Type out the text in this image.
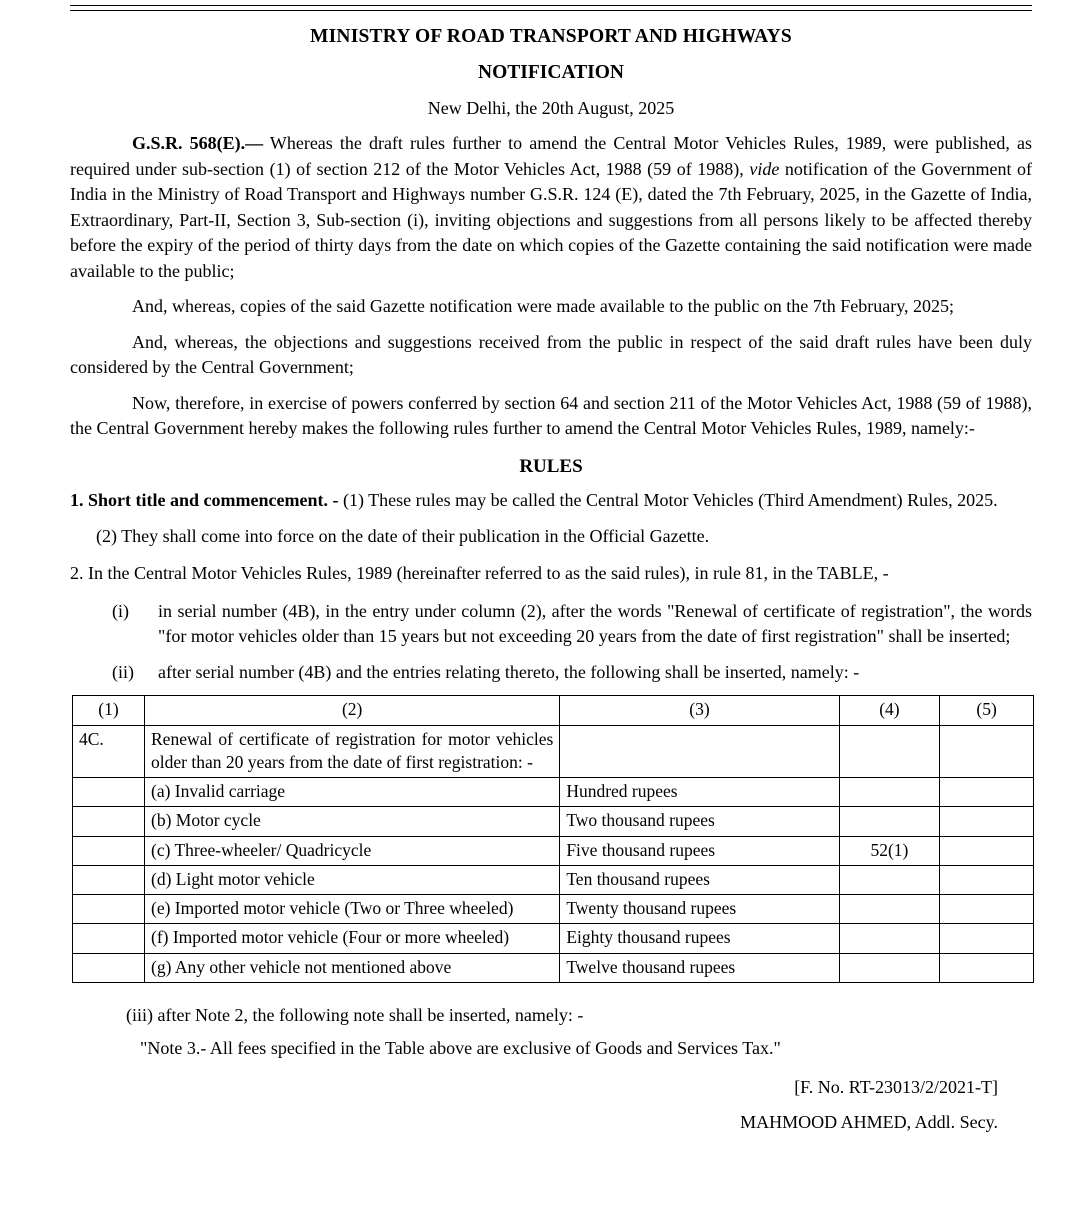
MINISTRY OF ROAD TRANSPORT AND HIGHWAYS
NOTIFICATION
New Delhi, the 20th August, 2025

G.S.R. 568(E).— Whereas the draft rules further to amend the Central Motor Vehicles Rules, 1989, were published, as required under sub-section (1) of section 212 of the Motor Vehicles Act, 1988 (59 of 1988), vide notification of the Government of India in the Ministry of Road Transport and Highways number G.S.R. 124 (E), dated the 7th February, 2025, in the Gazette of India, Extraordinary, Part-II, Section 3, Sub-section (i), inviting objections and suggestions from all persons likely to be affected thereby before the expiry of the period of thirty days from the date on which copies of the Gazette containing the said notification were made available to the public;

And, whereas, copies of the said Gazette notification were made available to the public on the 7th February, 2025;

And, whereas, the objections and suggestions received from the public in respect of the said draft rules have been duly considered by the Central Government;

Now, therefore, in exercise of powers conferred by section 64 and section 211 of the Motor Vehicles Act, 1988 (59 of 1988), the Central Government hereby makes the following rules further to amend the Central Motor Vehicles Rules, 1989, namely:-

RULES

1. Short title and commencement. - (1) These rules may be called the Central Motor Vehicles (Third Amendment) Rules, 2025.

(2) They shall come into force on the date of their publication in the Official Gazette.

2. In the Central Motor Vehicles Rules, 1989 (hereinafter referred to as the said rules), in rule 81, in the TABLE, -

(i)	in serial number (4B), in the entry under column (2), after the words "Renewal of certificate of registration", the words "for motor vehicles older than 15 years but not exceeding 20 years from the date of first registration" shall be inserted;
(ii)	after serial number (4B) and the entries relating thereto, the following shall be inserted, namely: -
(1)	(2)	(3)	(4)	(5)
4C.	Renewal of certificate of registration for motor vehicles older than 20 years from the date of first registration: -			
	(a) Invalid carriage	Hundred rupees		
	(b) Motor cycle	Two thousand rupees		
	(c) Three-wheeler/ Quadricycle	Five thousand rupees	52(1)	
	(d) Light motor vehicle	Ten thousand rupees		
	(e) Imported motor vehicle (Two or Three wheeled)	Twenty thousand rupees		
	(f) Imported motor vehicle (Four or more wheeled)	Eighty thousand rupees		
	(g) Any other vehicle not mentioned above	Twelve thousand rupees		

(iii) after Note 2, the following note shall be inserted, namely: -

"Note 3.- All fees specified in the Table above are exclusive of Goods and Services Tax."

[F. No. RT-23013/2/2021-T]

MAHMOOD AHMED, Addl. Secy.
